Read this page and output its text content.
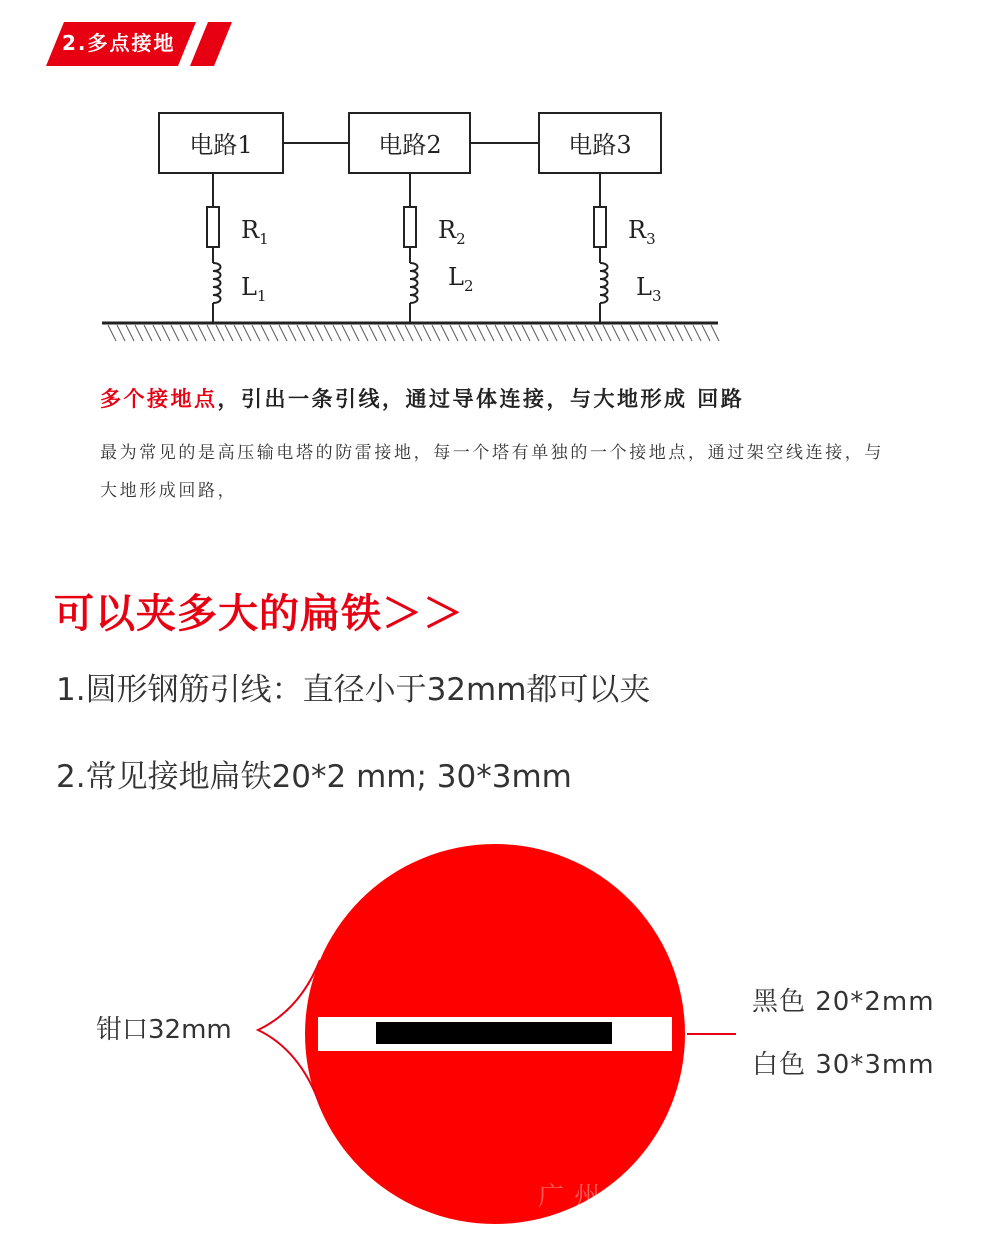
2.多点接地
电路1	电路2	电路3
$R_1$
$L_1$
$R_2$
$L_2$
$R_3$
$L_3$
多个接地点，引出一条引线，通过导体连接，与大地形成 回路
最为常见的是高压输电塔的防雷接地，每一个塔有单独的一个接地点，通过架空线连接，与大地形成回路，
可以夹多大的扁铁＞＞
1.圆形钢筋引线：直径小于32mm都可以夹
2.常见接地扁铁20*2 mm; 30*3mm
钳口32mm
黑色 20*2mm
白色 30*3mm
广州
